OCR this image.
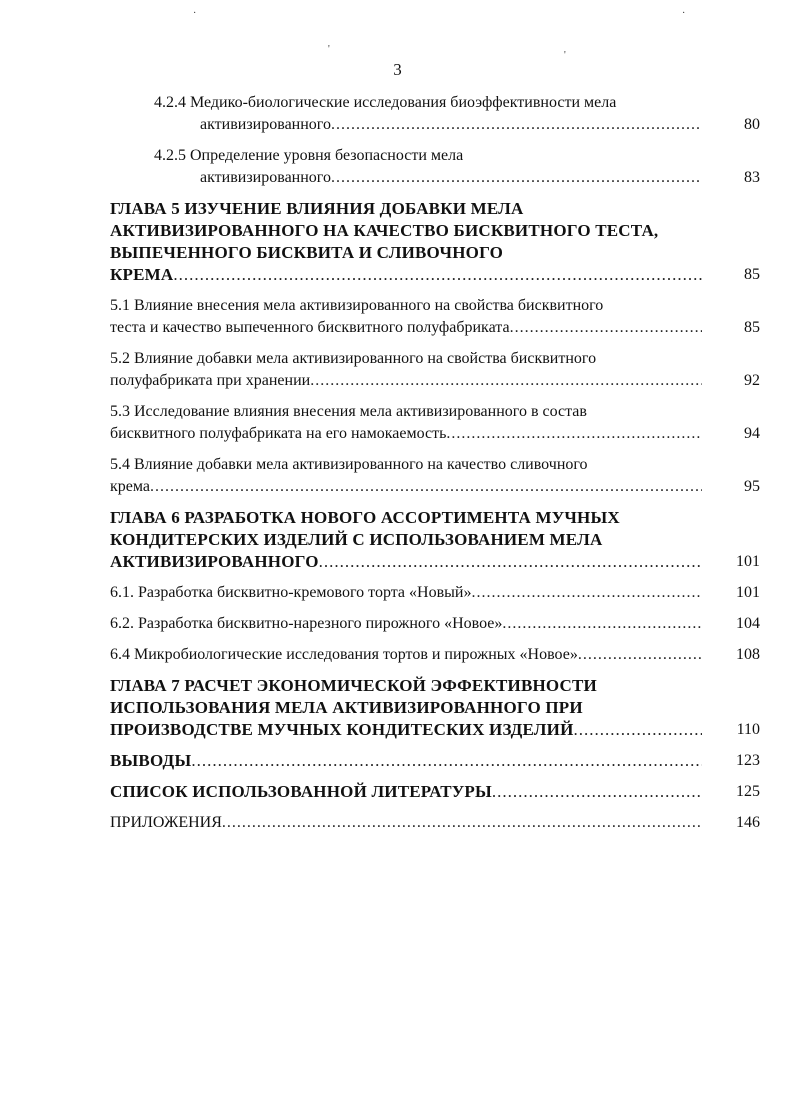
·	·
'
'
3
4.2.4 Медико-биологические исследования биоэффективности мела
активизированного .....	80
4.2.5 Определение уровня безопасности мела
активизированного .....	83
ГЛАВА 5 ИЗУЧЕНИЕ ВЛИЯНИЯ ДОБАВКИ МЕЛА
АКТИВИЗИРОВАННОГО НА КАЧЕСТВО БИСКВИТНОГО ТЕСТА,
ВЫПЕЧЕННОГО БИСКВИТА И СЛИВОЧНОГО
КРЕМА .....	85
5.1 Влияние внесения мела активизированного на свойства бисквитного
теста и качество выпеченного бисквитного полуфабриката .....	85
5.2 Влияние добавки мела активизированного на свойства бисквитного
полуфабриката при хранении .....	92
5.3 Исследование влияния внесения мела активизированного в состав
бисквитного полуфабриката на его намокаемость .....	94
5.4 Влияние добавки мела активизированного на качество сливочного
крема .....	95
ГЛАВА 6 РАЗРАБОТКА НОВОГО АССОРТИМЕНТА МУЧНЫХ
КОНДИТЕРСКИХ ИЗДЕЛИЙ С ИСПОЛЬЗОВАНИЕМ МЕЛА
АКТИВИЗИРОВАННОГО .....	101
6.1. Разработка бисквитно-кремового торта «Новый» .....	101
6.2. Разработка бисквитно-нарезного пирожного «Новое» .....	104
6.4 Микробиологические исследования тортов и пирожных «Новое» .....	108
ГЛАВА 7 РАСЧЕТ ЭКОНОМИЧЕСКОЙ ЭФФЕКТИВНОСТИ
ИСПОЛЬЗОВАНИЯ МЕЛА АКТИВИЗИРОВАННОГО ПРИ
ПРОИЗВОДСТВЕ МУЧНЫХ КОНДИТЕСКИХ ИЗДЕЛИЙ .....	110
ВЫВОДЫ .....	123
СПИСОК ИСПОЛЬЗОВАННОЙ ЛИТЕРАТУРЫ .....	125
ПРИЛОЖЕНИЯ .....	146
